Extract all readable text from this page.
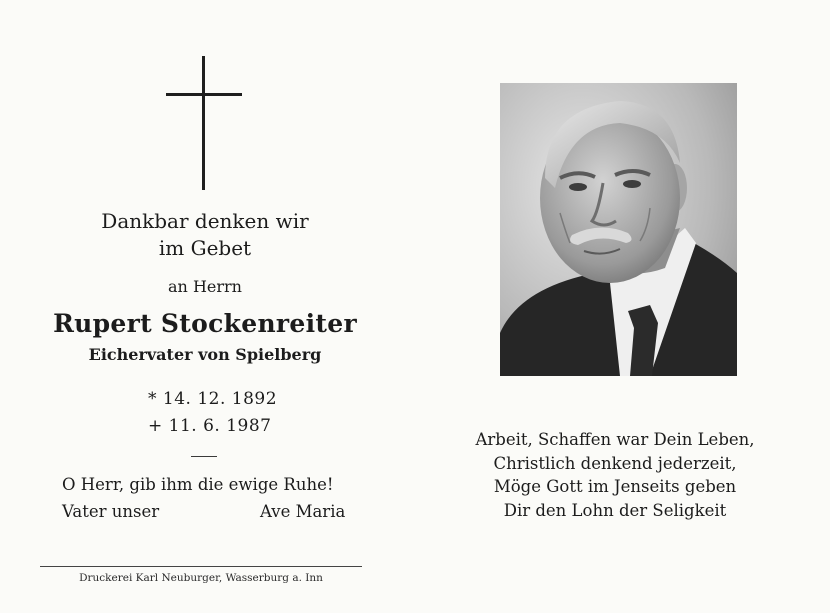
Dankbar denken wir
im Gebet
an Herrn
Rupert Stockenreiter
Eichervater von Spielberg
* 14. 12. 1892
+ 11. 6. 1987
O Herr, gib ihm die ewige Ruhe!
Vater unser	Ave Maria
Druckerei Karl Neuburger, Wasserburg a. Inn
Arbeit, Schaffen war Dein Leben,
Christlich denkend jederzeit,
Möge Gott im Jenseits geben
Dir den Lohn der Seligkeit
